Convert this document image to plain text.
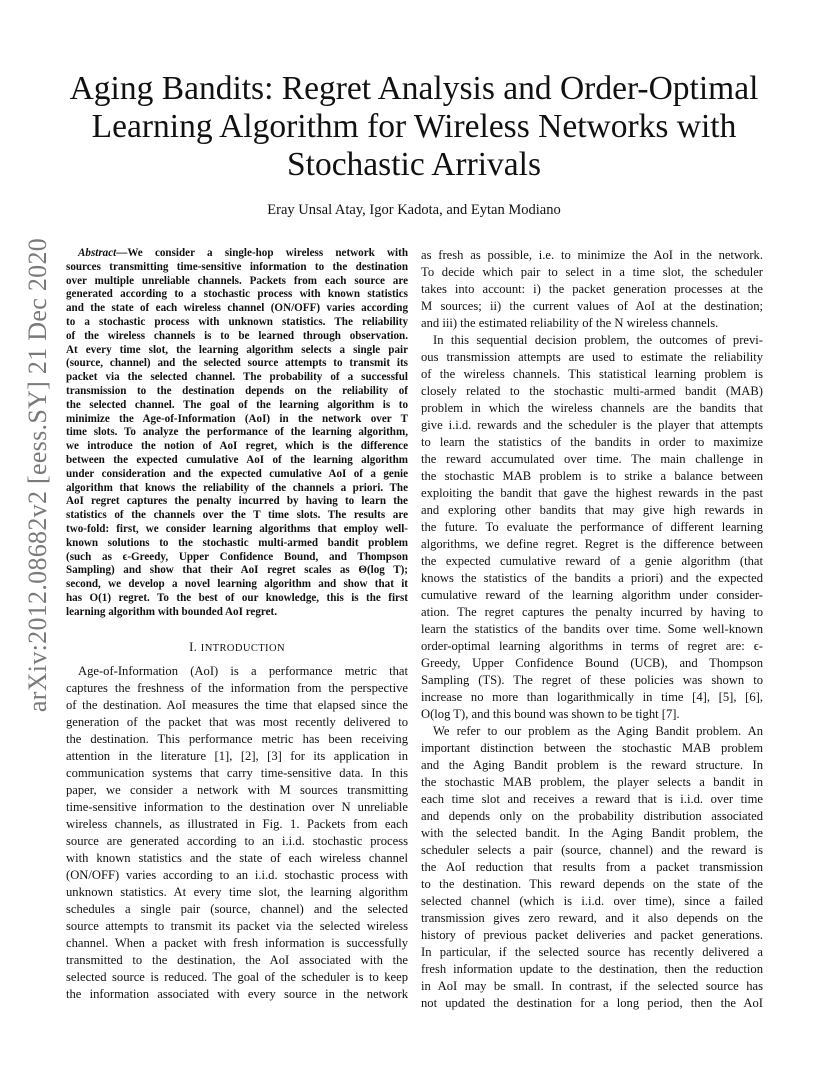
arXiv:2012.08682v2 [eess.SY] 21 Dec 2020
Aging Bandits: Regret Analysis and Order-Optimal
Learning Algorithm for Wireless Networks with
Stochastic Arrivals
Eray Unsal Atay, Igor Kadota, and Eytan Modiano
Abstract—We consider a single-hop wireless network with
sources transmitting time-sensitive information to the destination
over multiple unreliable channels. Packets from each source are
generated according to a stochastic process with known statistics
and the state of each wireless channel (ON/OFF) varies according
to a stochastic process with unknown statistics. The reliability
of the wireless channels is to be learned through observation.
At every time slot, the learning algorithm selects a single pair
(source, channel) and the selected source attempts to transmit its
packet via the selected channel. The probability of a successful
transmission to the destination depends on the reliability of
the selected channel. The goal of the learning algorithm is to
minimize the Age-of-Information (AoI) in the network over T
time slots. To analyze the performance of the learning algorithm,
we introduce the notion of AoI regret, which is the difference
between the expected cumulative AoI of the learning algorithm
under consideration and the expected cumulative AoI of a genie
algorithm that knows the reliability of the channels a priori. The
AoI regret captures the penalty incurred by having to learn the
statistics of the channels over the T time slots. The results are
two-fold: first, we consider learning algorithms that employ well-
known solutions to the stochastic multi-armed bandit problem
(such as ϵ-Greedy, Upper Confidence Bound, and Thompson
Sampling) and show that their AoI regret scales as Θ(log T);
second, we develop a novel learning algorithm and show that it
has O(1) regret. To the best of our knowledge, this is the first
learning algorithm with bounded AoI regret.
I. INTRODUCTION
Age-of-Information (AoI) is a performance metric that
captures the freshness of the information from the perspective
of the destination. AoI measures the time that elapsed since the
generation of the packet that was most recently delivered to
the destination. This performance metric has been receiving
attention in the literature [1], [2], [3] for its application in
communication systems that carry time-sensitive data. In this
paper, we consider a network with M sources transmitting
time-sensitive information to the destination over N unreliable
wireless channels, as illustrated in Fig. 1. Packets from each
source are generated according to an i.i.d. stochastic process
with known statistics and the state of each wireless channel
(ON/OFF) varies according to an i.i.d. stochastic process with
unknown statistics. At every time slot, the learning algorithm
schedules a single pair (source, channel) and the selected
source attempts to transmit its packet via the selected wireless
channel. When a packet with fresh information is successfully
transmitted to the destination, the AoI associated with the
selected source is reduced. The goal of the scheduler is to keep
the information associated with every source in the network
as fresh as possible, i.e. to minimize the AoI in the network.
To decide which pair to select in a time slot, the scheduler
takes into account: i) the packet generation processes at the
M sources; ii) the current values of AoI at the destination;
and iii) the estimated reliability of the N wireless channels.
In this sequential decision problem, the outcomes of previ-
ous transmission attempts are used to estimate the reliability
of the wireless channels. This statistical learning problem is
closely related to the stochastic multi-armed bandit (MAB)
problem in which the wireless channels are the bandits that
give i.i.d. rewards and the scheduler is the player that attempts
to learn the statistics of the bandits in order to maximize
the reward accumulated over time. The main challenge in
the stochastic MAB problem is to strike a balance between
exploiting the bandit that gave the highest rewards in the past
and exploring other bandits that may give high rewards in
the future. To evaluate the performance of different learning
algorithms, we define regret. Regret is the difference between
the expected cumulative reward of a genie algorithm (that
knows the statistics of the bandits a priori) and the expected
cumulative reward of the learning algorithm under consider-
ation. The regret captures the penalty incurred by having to
learn the statistics of the bandits over time. Some well-known
order-optimal learning algorithms in terms of regret are: ϵ-
Greedy, Upper Confidence Bound (UCB), and Thompson
Sampling (TS). The regret of these policies was shown to
increase no more than logarithmically in time [4], [5], [6],
O(log T), and this bound was shown to be tight [7].
We refer to our problem as the Aging Bandit problem. An
important distinction between the stochastic MAB problem
and the Aging Bandit problem is the reward structure. In
the stochastic MAB problem, the player selects a bandit in
each time slot and receives a reward that is i.i.d. over time
and depends only on the probability distribution associated
with the selected bandit. In the Aging Bandit problem, the
scheduler selects a pair (source, channel) and the reward is
the AoI reduction that results from a packet transmission
to the destination. This reward depends on the state of the
selected channel (which is i.i.d. over time), since a failed
transmission gives zero reward, and it also depends on the
history of previous packet deliveries and packet generations.
In particular, if the selected source has recently delivered a
fresh information update to the destination, then the reduction
in AoI may be small. In contrast, if the selected source has
not updated the destination for a long period, then the AoI
